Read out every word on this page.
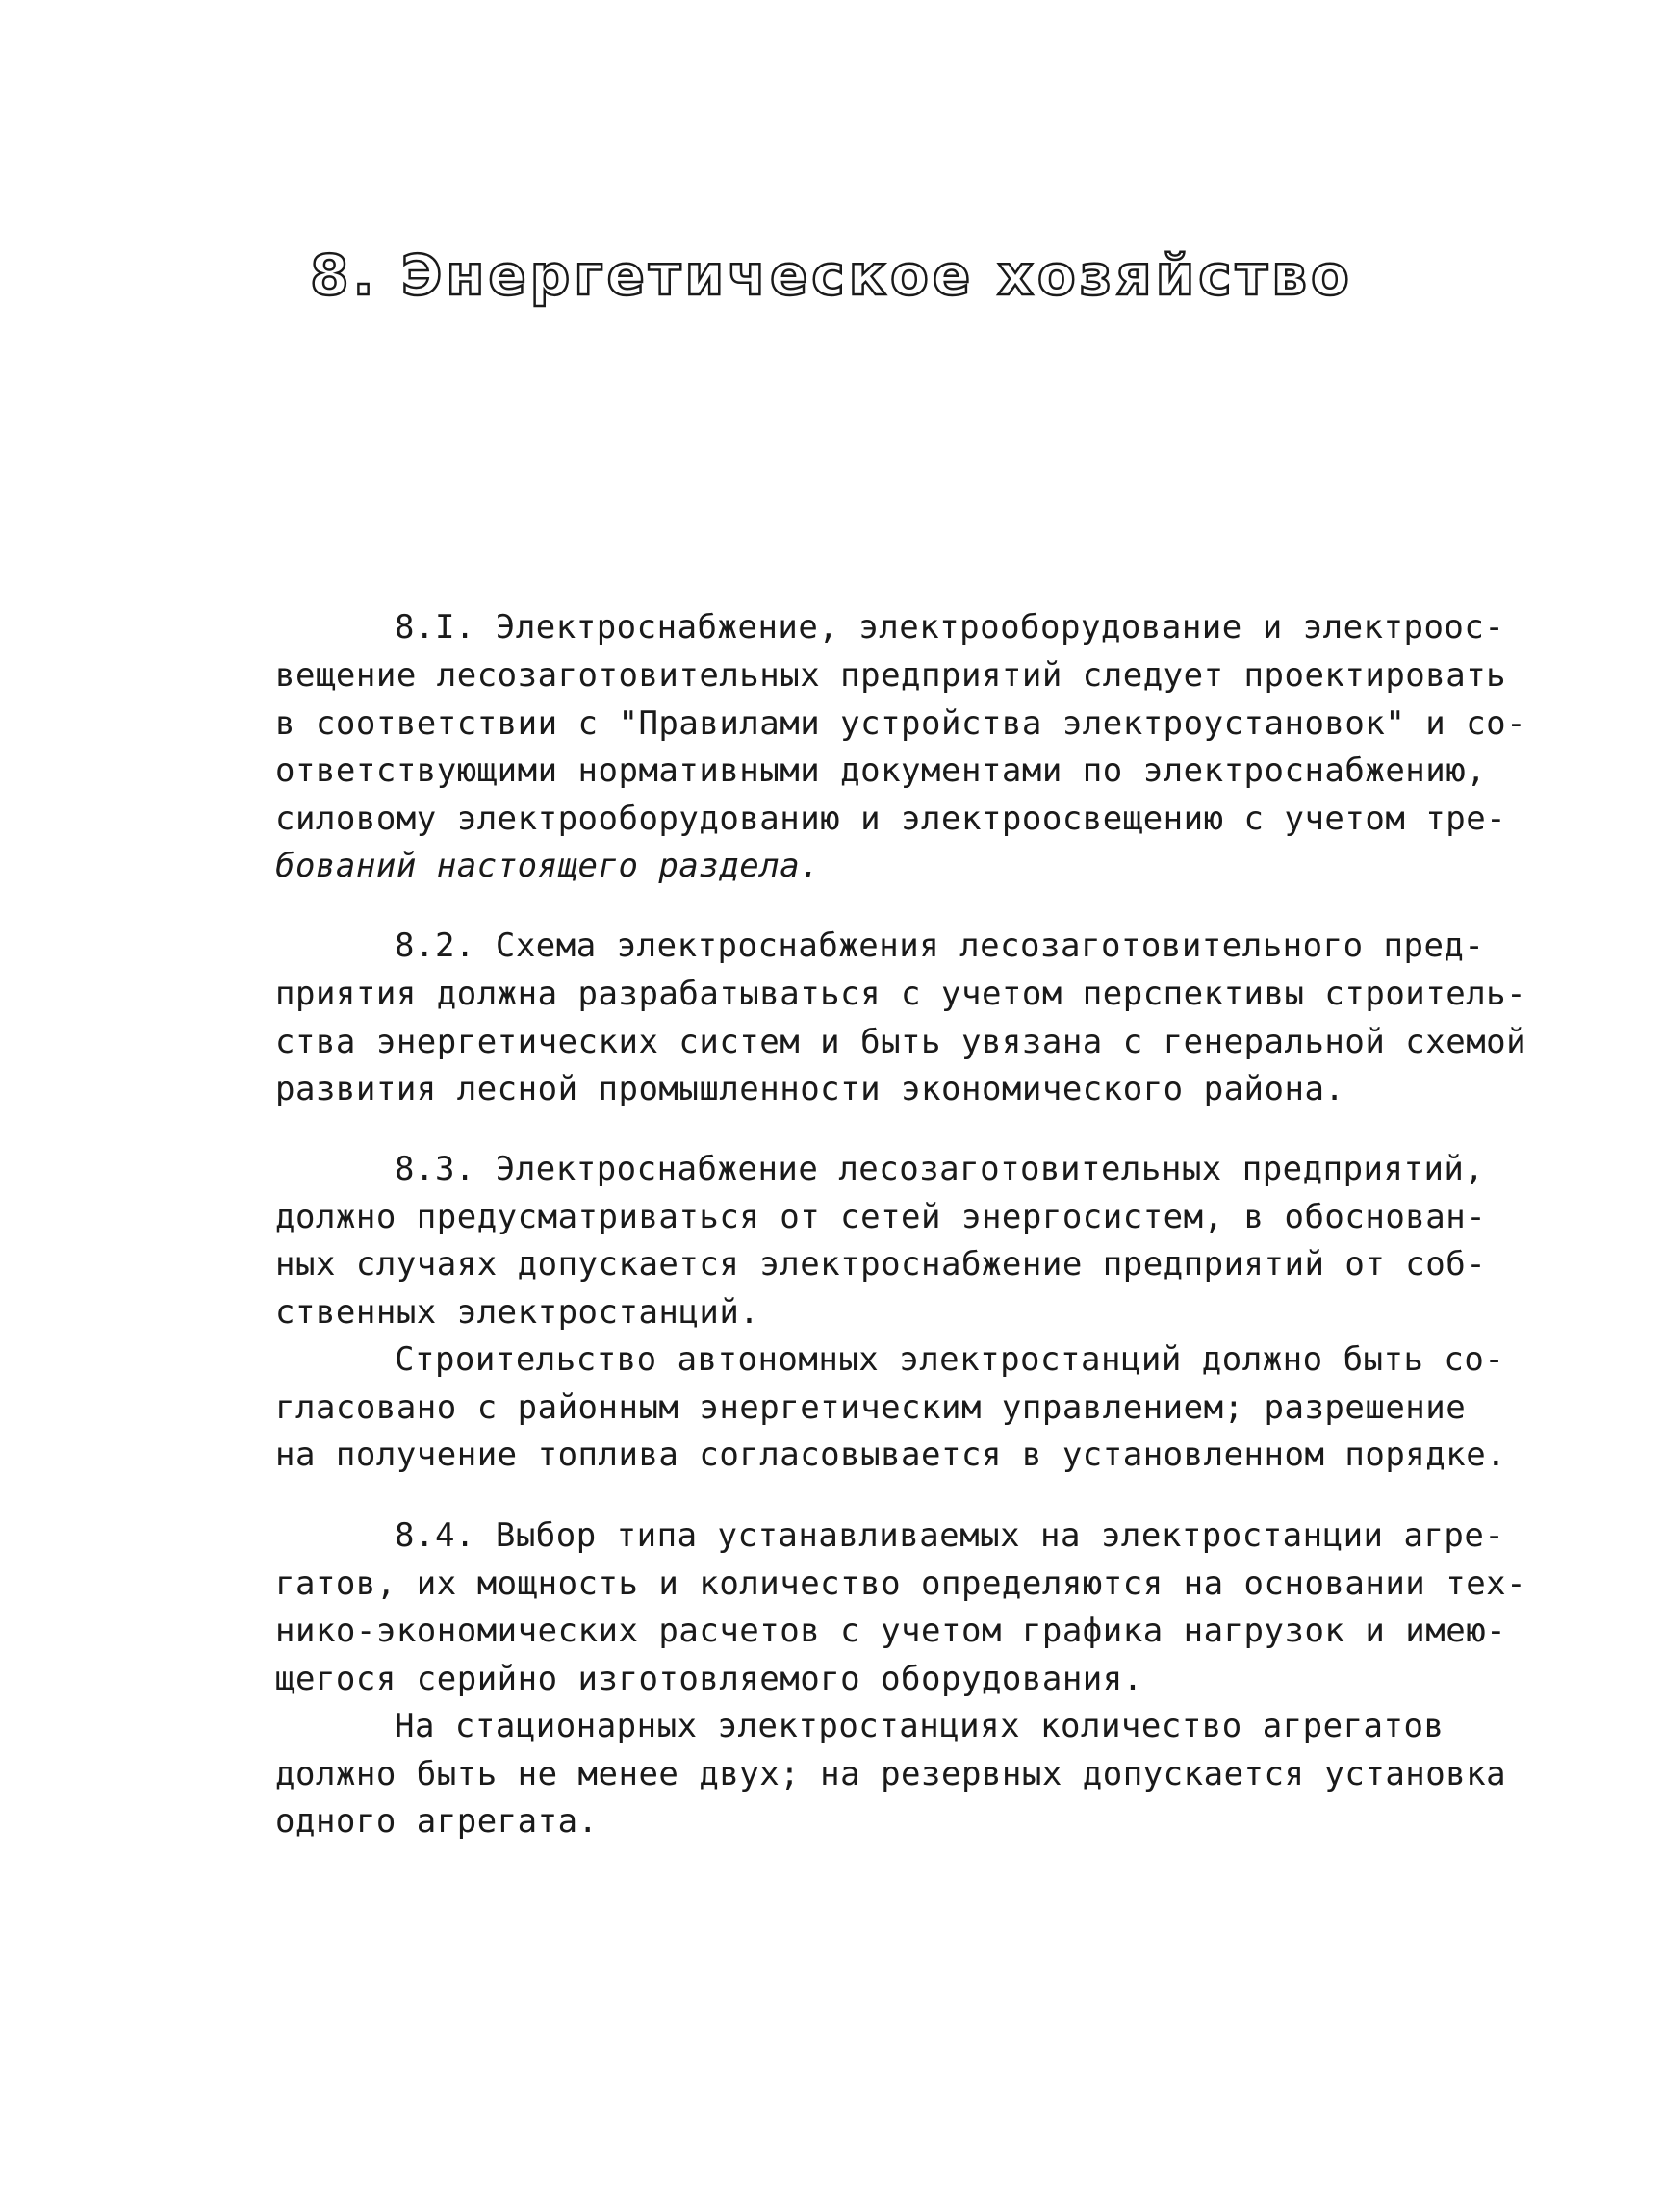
8. Энергетическое хозяйство
8.I. Электроснабжение, электрооборудование и электроос-
вещение лесозаготовительных предприятий следует проектировать
в соответствии с "Правилами устройства электроустановок" и со-
ответствующими нормативными документами по электроснабжению,
силовому электрооборудованию и электроосвещению с учетом тре-
бований настоящего раздела.
8.2. Схема электроснабжения лесозаготовительного пред-
приятия должна разрабатываться с учетом перспективы строитель-
ства энергетических систем и быть увязана с генеральной схемой
развития лесной промышленности экономического района.
8.3. Электроснабжение лесозаготовительных предприятий,
должно предусматриваться от сетей энергосистем, в обоснован-
ных случаях допускается электроснабжение предприятий от соб-
ственных электростанций.
Строительство автономных электростанций должно быть со-
гласовано с районным энергетическим управлением; разрешение
на получение топлива согласовывается в установленном порядке.
8.4. Выбор типа устанавливаемых на электростанции агре-
гатов, их мощность и количество определяются на основании тех-
нико-экономических расчетов с учетом графика нагрузок и имею-
щегося серийно изготовляемого оборудования.
На стационарных электростанциях количество агрегатов
должно быть не менее двух; на резервных допускается установка
одного агрегата.
